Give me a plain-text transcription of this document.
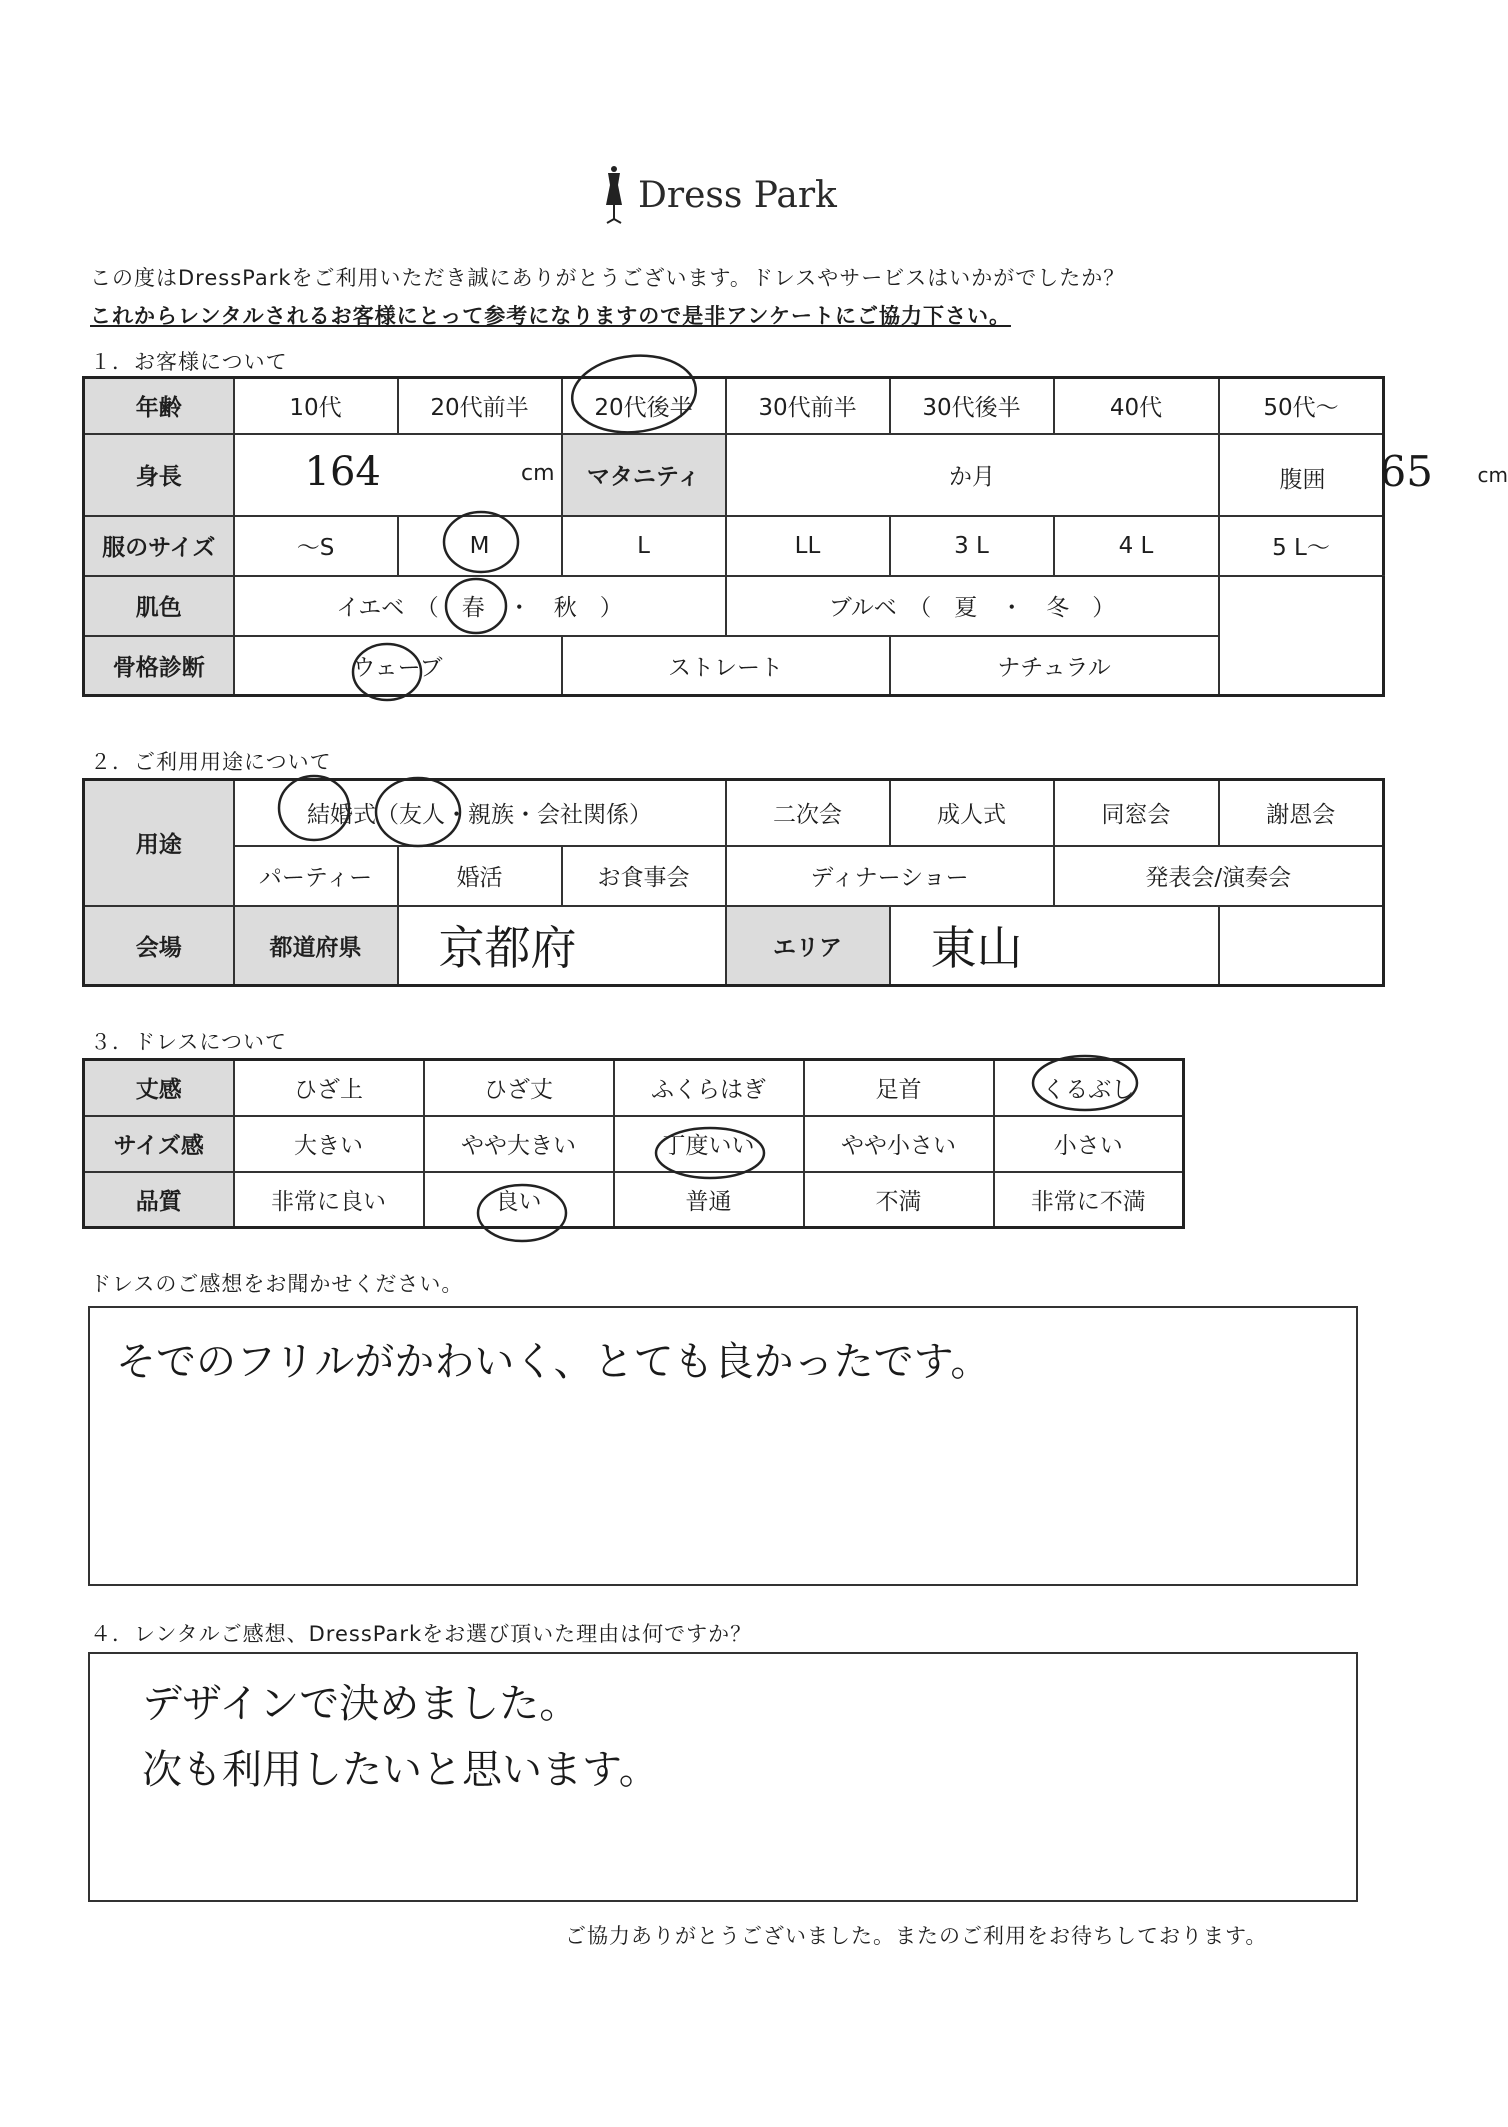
Dress Park
この度はDressParkをご利用いただき誠にありがとうございます。ドレスやサービスはいかがでしたか？
これからレンタルされるお客様にとって参考になりますので是非アンケートにご協力下さい。
１．お客様について
年齢	10代	20代前半	20代後半	30代前半	30代後半	40代	50代～
身長	164 cm		マタニティ	か月			腹囲 65 cm

服のサイズ	～S	M	L	LL	3 L	4 L	5 L～
肌色	イエベ　（　春　・　秋　）			ブルベ　（　夏　・　冬　）			
骨格診断	ウェーブ		ストレート		ナチュラル		
２．ご利用用途について
用途	結婚式（友人・親族・会社関係）			二次会	成人式	同窓会	謝恩会
	パーティー	婚活	お食事会	ディナーショー		発表会/演奏会	
会場	都道府県	京都府		エリア	東山		
３．ドレスについて
丈感	ひざ上	ひざ丈	ふくらはぎ	足首	くるぶし
サイズ感	大きい	やや大きい	丁度いい	やや小さい	小さい
品質	非常に良い	良い	普通	不満	非常に不満
ドレスのご感想をお聞かせください。
そでのフリルがかわいく、とても良かったです。
４．レンタルご感想、DressParkをお選び頂いた理由は何ですか？
デザインで決めました。
次も利用したいと思います。
ご協力ありがとうございました。またのご利用をお待ちしております。
